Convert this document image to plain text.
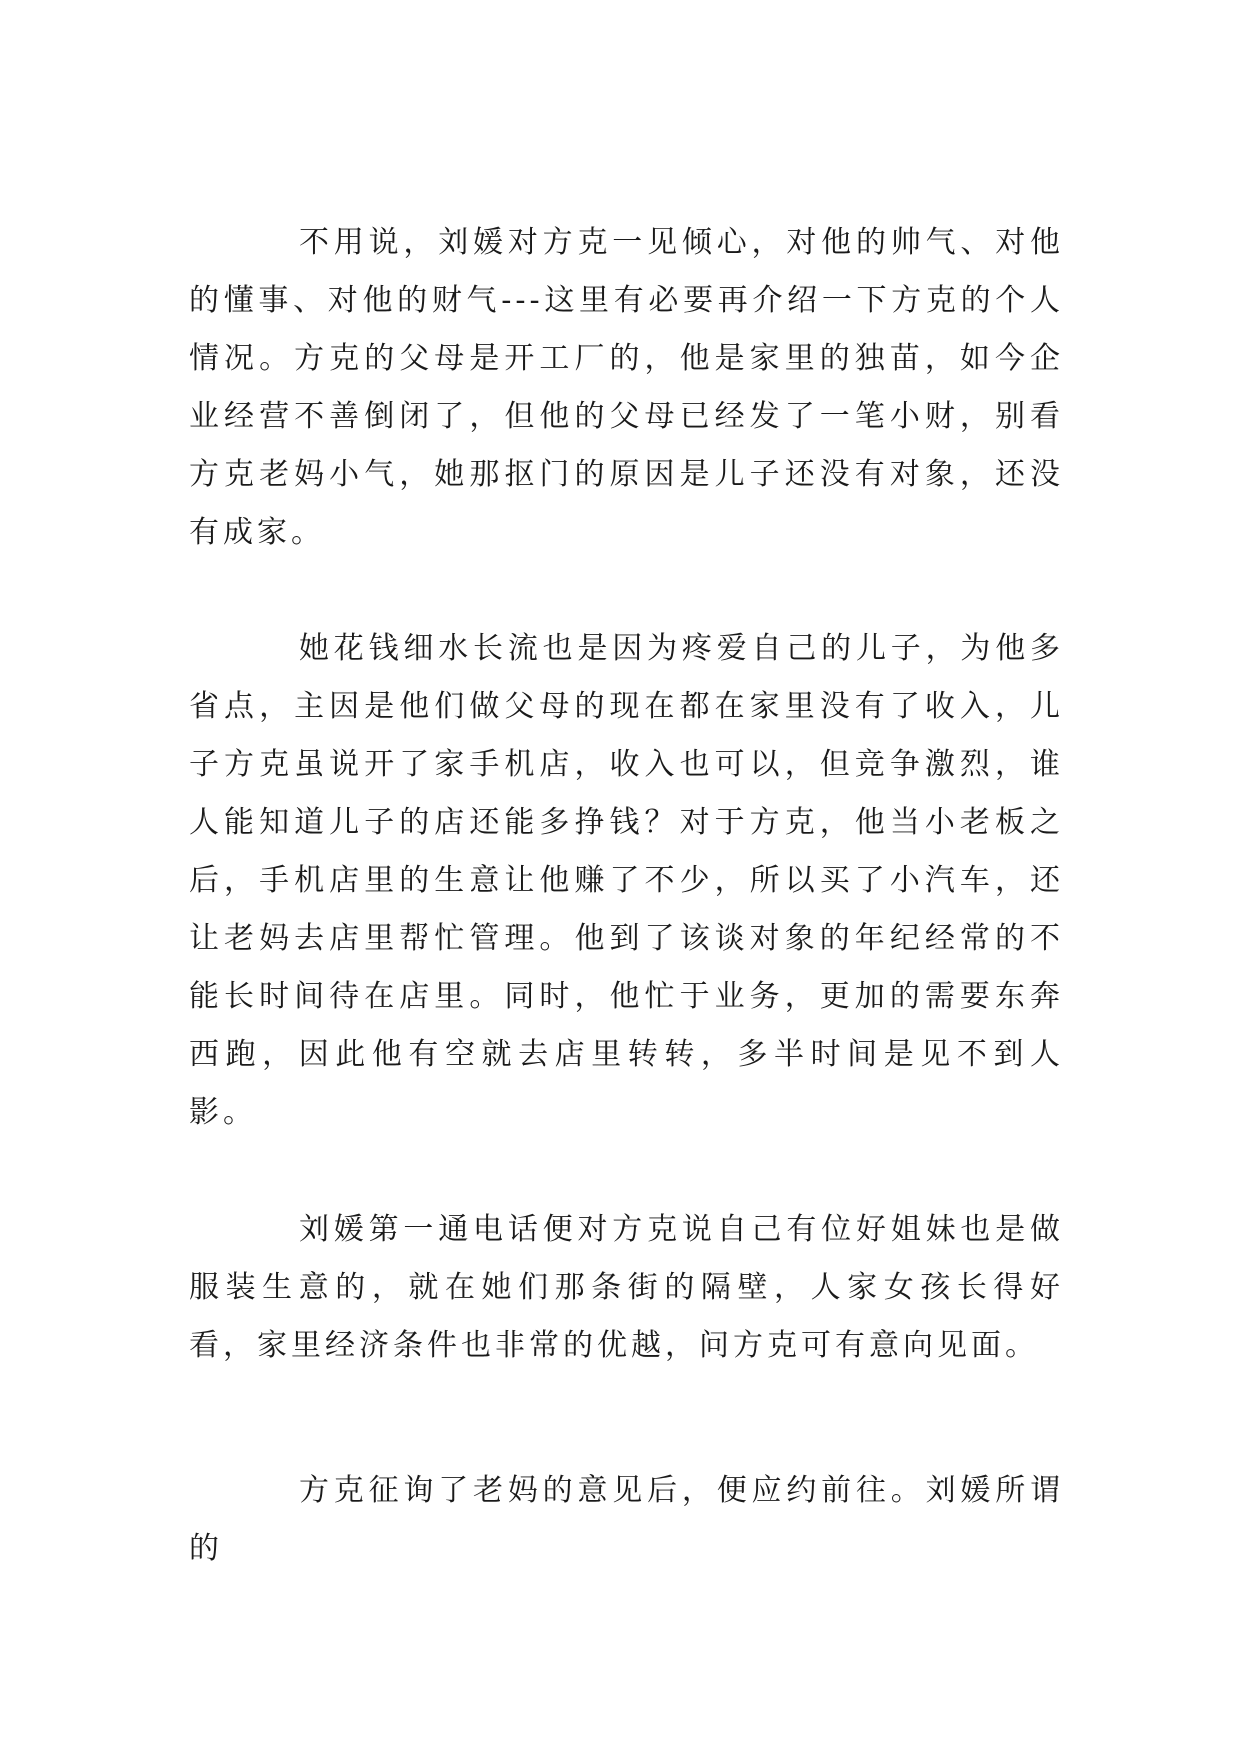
不用说，刘媛对方克一见倾心，对他的帅气、对他的懂事、对他的财气---这里有必要再介绍一下方克的个人情况。方克的父母是开工厂的，他是家里的独苗，如今企业经营不善倒闭了，但他的父母已经发了一笔小财，别看方克老妈小气，她那抠门的原因是儿子还没有对象，还没有成家。

她花钱细水长流也是因为疼爱自己的儿子，为他多省点，主因是他们做父母的现在都在家里没有了收入，儿子方克虽说开了家手机店，收入也可以，但竞争激烈，谁人能知道儿子的店还能多挣钱？对于方克，他当小老板之后，手机店里的生意让他赚了不少，所以买了小汽车，还让老妈去店里帮忙管理。他到了该谈对象的年纪经常的不能长时间待在店里。同时，他忙于业务，更加的需要东奔西跑，因此他有空就去店里转转，多半时间是见不到人影。

刘媛第一通电话便对方克说自己有位好姐妹也是做服装生意的，就在她们那条街的隔壁，人家女孩长得好看，家里经济条件也非常的优越，问方克可有意向见面。

方克征询了老妈的意见后，便应约前往。刘媛所谓的
